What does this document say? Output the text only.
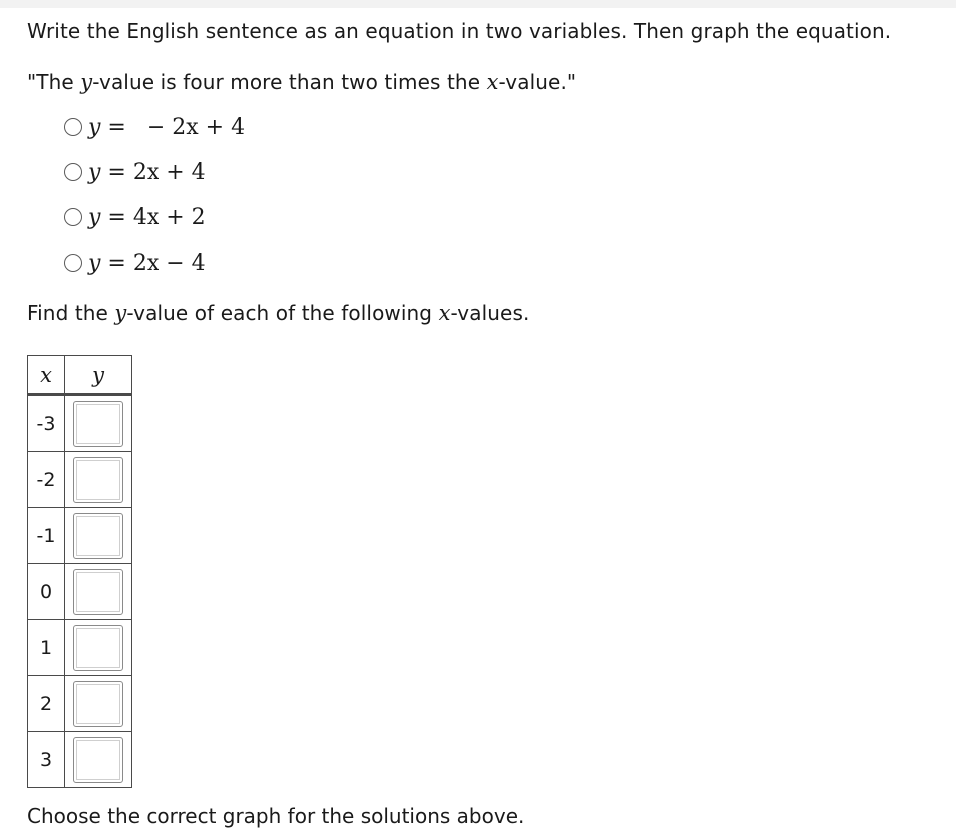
Write the English sentence as an equation in two variables. Then graph the equation.
"The y-value is four more than two times the x-value."
y =   − 2x + 4
y = 2x + 4
y = 4x + 2
y = 2x − 4
Find the y-value of each of the following x-values.
x	y
-3	

-2	

-1	

0	

1	

2	

3	
Choose the correct graph for the solutions above.
